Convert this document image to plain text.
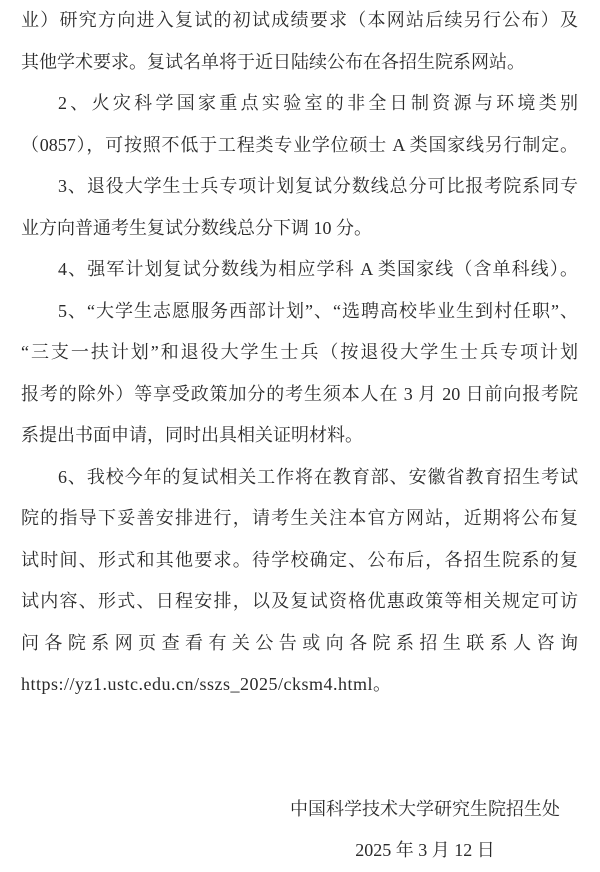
业）研究方向进入复试的初试成绩要求（本网站后续另行公布）及
其他学术要求。复试名单将于近日陆续公布在各招生院系网站。
2、火灾科学国家重点实验室的非全日制资源与环境类别
（0857），可按照不低于工程类专业学位硕士 A 类国家线另行制定。
3、退役大学生士兵专项计划复试分数线总分可比报考院系同专
业方向普通考生复试分数线总分下调 10 分。
4、强军计划复试分数线为相应学科 A 类国家线（含单科线）。
5、“大学生志愿服务西部计划”、“选聘高校毕业生到村任职”、
“三支一扶计划”和退役大学生士兵（按退役大学生士兵专项计划
报考的除外）等享受政策加分的考生须本人在 3 月 20 日前向报考院
系提出书面申请，同时出具相关证明材料。
6、我校今年的复试相关工作将在教育部、安徽省教育招生考试
院的指导下妥善安排进行，请考生关注本官方网站，近期将公布复
试时间、形式和其他要求。待学校确定、公布后，各招生院系的复
试内容、形式、日程安排，以及复试资格优惠政策等相关规定可访
问各院系网页查看有关公告或向各院系招生联系人咨询
https://yz1.ustc.edu.cn/sszs_2025/cksm4.html。
中国科学技术大学研究生院招生处
2025 年 3 月 12 日
